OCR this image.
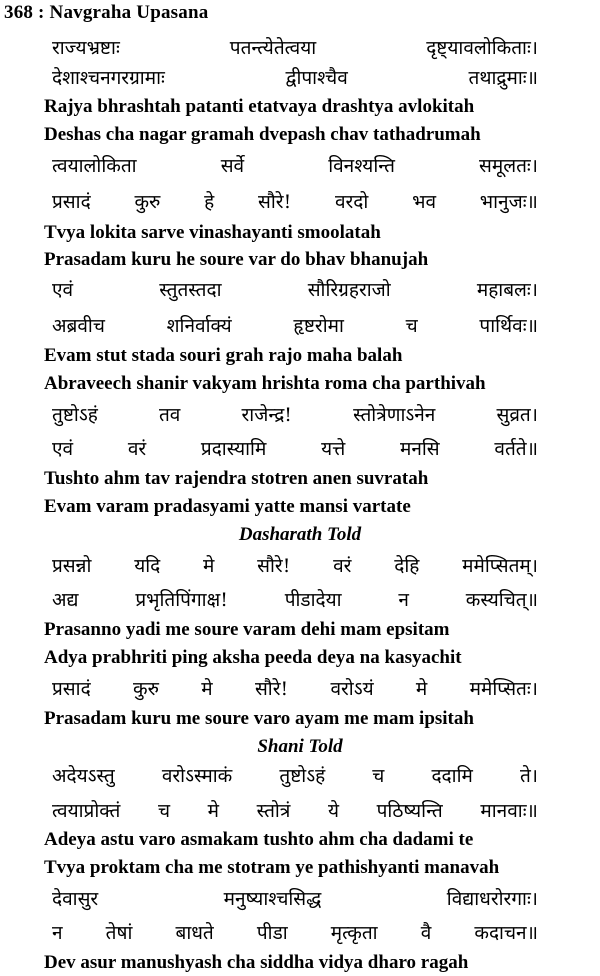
368 : Navgraha Upasana
राज्यभ्रष्टाः	पतन्त्येतेत्वया	दृष्ट्यावलोकिताः।
देशाश्चनगरग्रामाः	द्वीपाश्चैव	तथाद्रुमाः॥
Rajya bhrashtah patanti etatvaya drashtya avlokitah
Deshas cha nagar gramah dvepash chav tathadrumah
त्वयालोकिता	सर्वे	विनश्यन्ति	समूलतः।
प्रसादं कुरु हे सौरे! वरदो भव भानुजः॥
Tvya lokita sarve vinashayanti smoolatah
Prasadam kuru he soure var do bhav bhanujah
एवं	स्तुतस्तदा	सौरिग्रहराजो	महाबलः।
अब्रवीच	शनिर्वाक्यं	हृष्टरोमा	च	पार्थिवः॥
Evam stut stada souri grah rajo maha balah
Abraveech shanir vakyam hrishta roma cha parthivah
तुष्टोऽहं	तव	राजेन्द्र!	स्तोत्रेणाऽनेन	सुव्रत।
एवं	वरं	प्रदास्यामि	यत्ते	मनसि	वर्तते॥
Tushto ahm tav rajendra stotren anen suvratah
Evam varam pradasyami yatte mansi vartate
Dasharath Told
प्रसन्नो यदि मे सौरे! वरं देहि ममेप्सितम्।
अद्य	प्रभृतिपिंगाक्ष!	पीडादेया	न	कस्यचित्॥
Prasanno yadi me soure varam dehi mam epsitam
Adya prabhriti ping aksha peeda deya na kasyachit
प्रसादं कुरु मे सौरे! वरोऽयं मे ममेप्सितः।
Prasadam kuru me soure varo ayam me mam ipsitah
Shani Told
अदेयऽस्तु वरोऽस्माकं तुष्टोऽहं च ददामि ते।
त्वयाप्रोक्तं च मे स्तोत्रं ये पठिष्यन्ति मानवाः॥
Adeya astu varo asmakam tushto ahm cha dadami te
Tvya proktam cha me stotram ye pathishyanti manavah
देवासुर	मनुष्याश्चसिद्ध	विद्याधरोरगाः।
न तेषां बाधते पीडा मृत्कृता वै कदाचन॥
Dev asur manushyash cha siddha vidya dharo ragah
